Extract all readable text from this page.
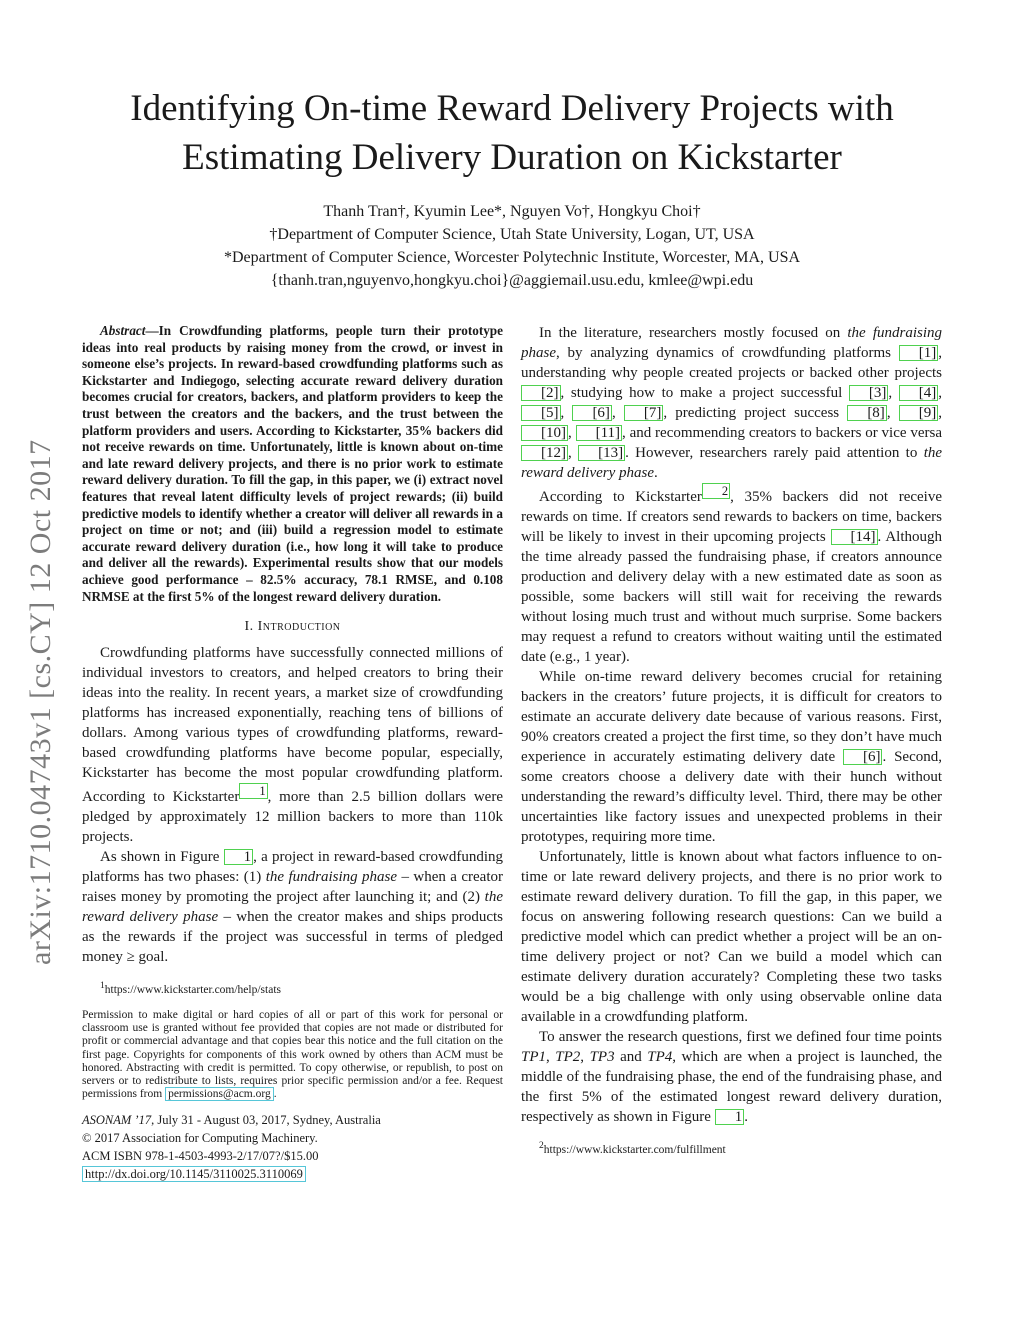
Identifying On-time Reward Delivery Projects with
Estimating Delivery Duration on Kickstarter
Thanh Tran†, Kyumin Lee*, Nguyen Vo†, Hongkyu Choi†
†Department of Computer Science, Utah State University, Logan, UT, USA
*Department of Computer Science, Worcester Polytechnic Institute, Worcester, MA, USA
{thanh.tran,nguyenvo,hongkyu.choi}@aggiemail.usu.edu, kmlee@wpi.edu
arXiv:1710.04743v1 [cs.CY] 12 Oct 2017

Abstract—In Crowdfunding platforms, people turn their prototype ideas into real products by raising money from the crowd, or invest in someone else’s projects. In reward-based crowdfunding platforms such as Kickstarter and Indiegogo, selecting accurate reward delivery duration becomes crucial for creators, backers, and platform providers to keep the trust between the creators and the backers, and the trust between the platform providers and users. According to Kickstarter, 35% backers did not receive rewards on time. Unfortunately, little is known about on-time and late reward delivery projects, and there is no prior work to estimate reward delivery duration. To fill the gap, in this paper, we (i) extract novel features that reveal latent difficulty levels of project rewards; (ii) build predictive models to identify whether a creator will deliver all rewards in a project on time or not; and (iii) build a regression model to estimate accurate reward delivery duration (i.e., how long it will take to produce and deliver all the rewards). Experimental results show that our models achieve good performance – 82.5% accuracy, 78.1 RMSE, and 0.108 NRMSE at the first 5% of the longest reward delivery duration.

I. Introduction

Crowdfunding platforms have successfully connected millions of individual investors to creators, and helped creators to bring their ideas into the reality. In recent years, a market size of crowdfunding platforms has increased exponentially, reaching tens of billions of dollars. Among various types of crowdfunding platforms, reward-based crowdfunding platforms have become popular, especially, Kickstarter has become the most popular crowdfunding platform. According to Kickstarter $^1$ , more than 2.5 billion dollars were pledged by approximately 12 million backers to more than 110k projects.

As shown in Figure 1 , a project in reward-based crowdfunding platforms has two phases: (1) the fundraising phase – when a creator raises money by promoting the project after launching it; and (2) the reward delivery phase – when the creator makes and ships products as the rewards if the project was successful in terms of pledged money ≥ goal.

$^1$https://www.kickstarter.com/help/stats
Permission to make digital or hard copies of all or part of this work for personal or classroom use is granted without fee provided that copies are not made or distributed for profit or commercial advantage and that copies bear this notice and the full citation on the first page. Copyrights for components of this work owned by others than ACM must be honored. Abstracting with credit is permitted. To copy otherwise, or republish, to post on servers or to redistribute to lists, requires prior specific permission and/or a fee. Request permissions from permissions@acm.org .
ASONAM ’17, July 31 - August 03, 2017, Sydney, Australia
© 2017 Association for Computing Machinery.
ACM ISBN 978-1-4503-4993-2/17/07?/$15.00
http://dx.doi.org/10.1145/3110025.3110069

In the literature, researchers mostly focused on the fundraising phase, by analyzing dynamics of crowdfunding platforms [1] , understanding why people created projects or backed other projects [2] , studying how to make a project successful [3] , [4] , [5] , [6] , [7] , predicting project success [8] , [9] , [10] , [11] , and recommending creators to backers or vice versa [12] , [13] . However, researchers rarely paid attention to the reward delivery phase.

According to Kickstarter $^2$ , 35% backers did not receive rewards on time. If creators send rewards to backers on time, backers will be likely to invest in their upcoming projects [14] . Although the time already passed the fundraising phase, if creators announce production and delivery delay with a new estimated date as soon as possible, some backers will still wait for receiving the rewards without losing much trust and without much surprise. Some backers may request a refund to creators without waiting until the estimated date (e.g., 1 year).

While on-time reward delivery becomes crucial for retaining backers in the creators’ future projects, it is difficult for creators to estimate an accurate delivery date because of various reasons. First, 90% creators created a project the first time, so they don’t have much experience in accurately estimating delivery date [6] . Second, some creators choose a delivery date with their hunch without understanding the reward’s difficulty level. Third, there may be other uncertainties like factory issues and unexpected problems in their prototypes, requiring more time.

Unfortunately, little is known about what factors influence to on-time or late reward delivery projects, and there is no prior work to estimate reward delivery duration. To fill the gap, in this paper, we focus on answering following research questions: Can we build a predictive model which can predict whether a project will be an on-time delivery project or not? Can we build a model which can estimate delivery duration accurately? Completing these two tasks would be a big challenge with only using observable online data available in a crowdfunding platform.

To answer the research questions, first we defined four time points TP1, TP2, TP3 and TP4, which are when a project is launched, the middle of the fundraising phase, the end of the fundraising phase, and the first 5% of the estimated longest reward delivery duration, respectively as shown in Figure 1 .

$^2$https://www.kickstarter.com/fulfillment
